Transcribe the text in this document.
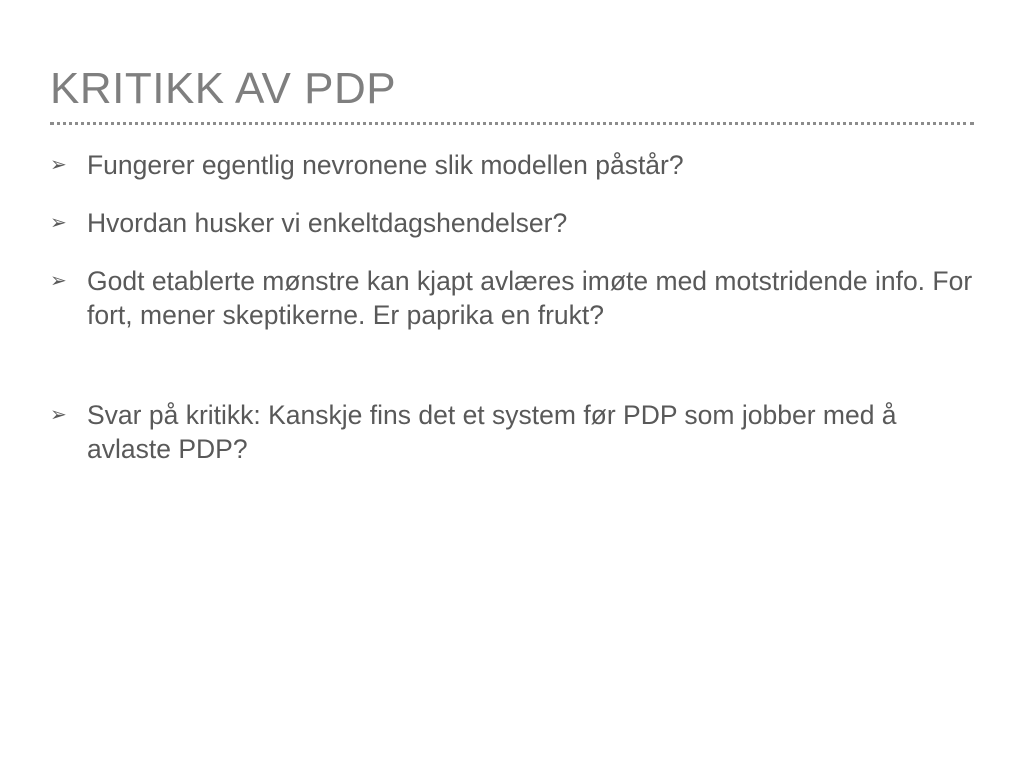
KRITIKK AV PDP
➢ Fungerer egentlig nevronene slik modellen påstår?
➢ Hvordan husker vi enkeltdagshendelser?
➢ Godt etablerte mønstre kan kjapt avlæres imøte med motstridende info. For fort, mener skeptikerne. Er paprika en frukt?
➢ Svar på kritikk: Kanskje fins det et system før PDP som jobber med å avlaste PDP?
